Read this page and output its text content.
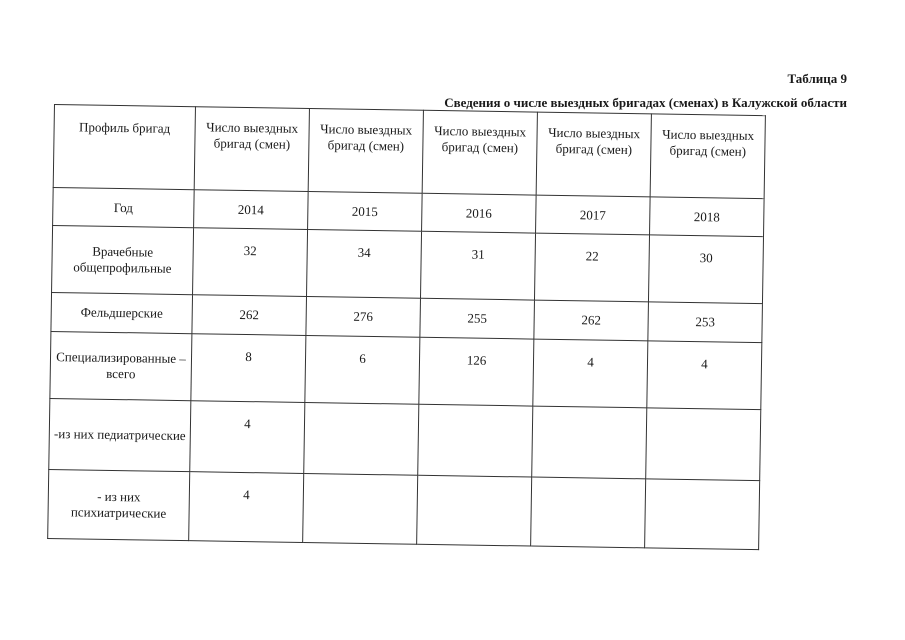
Таблица 9
Сведения о числе выездных бригадах (сменах) в Калужской области
Профиль бригад	Число выездных бригад (смен)	Число выездных бригад (смен)	Число выездных бригад (смен)	Число выездных бригад (смен)	Число выездных бригад (смен)
Год	2014	2015	2016	2017	2018
Врачебные общепрофильные	32	34	31	22	30
Фельдшерские	262	276	255	262	253
Специализированные – всего	8	6	126	4	4
-из них педиатрические	4				
- из них психиатрические	4				
